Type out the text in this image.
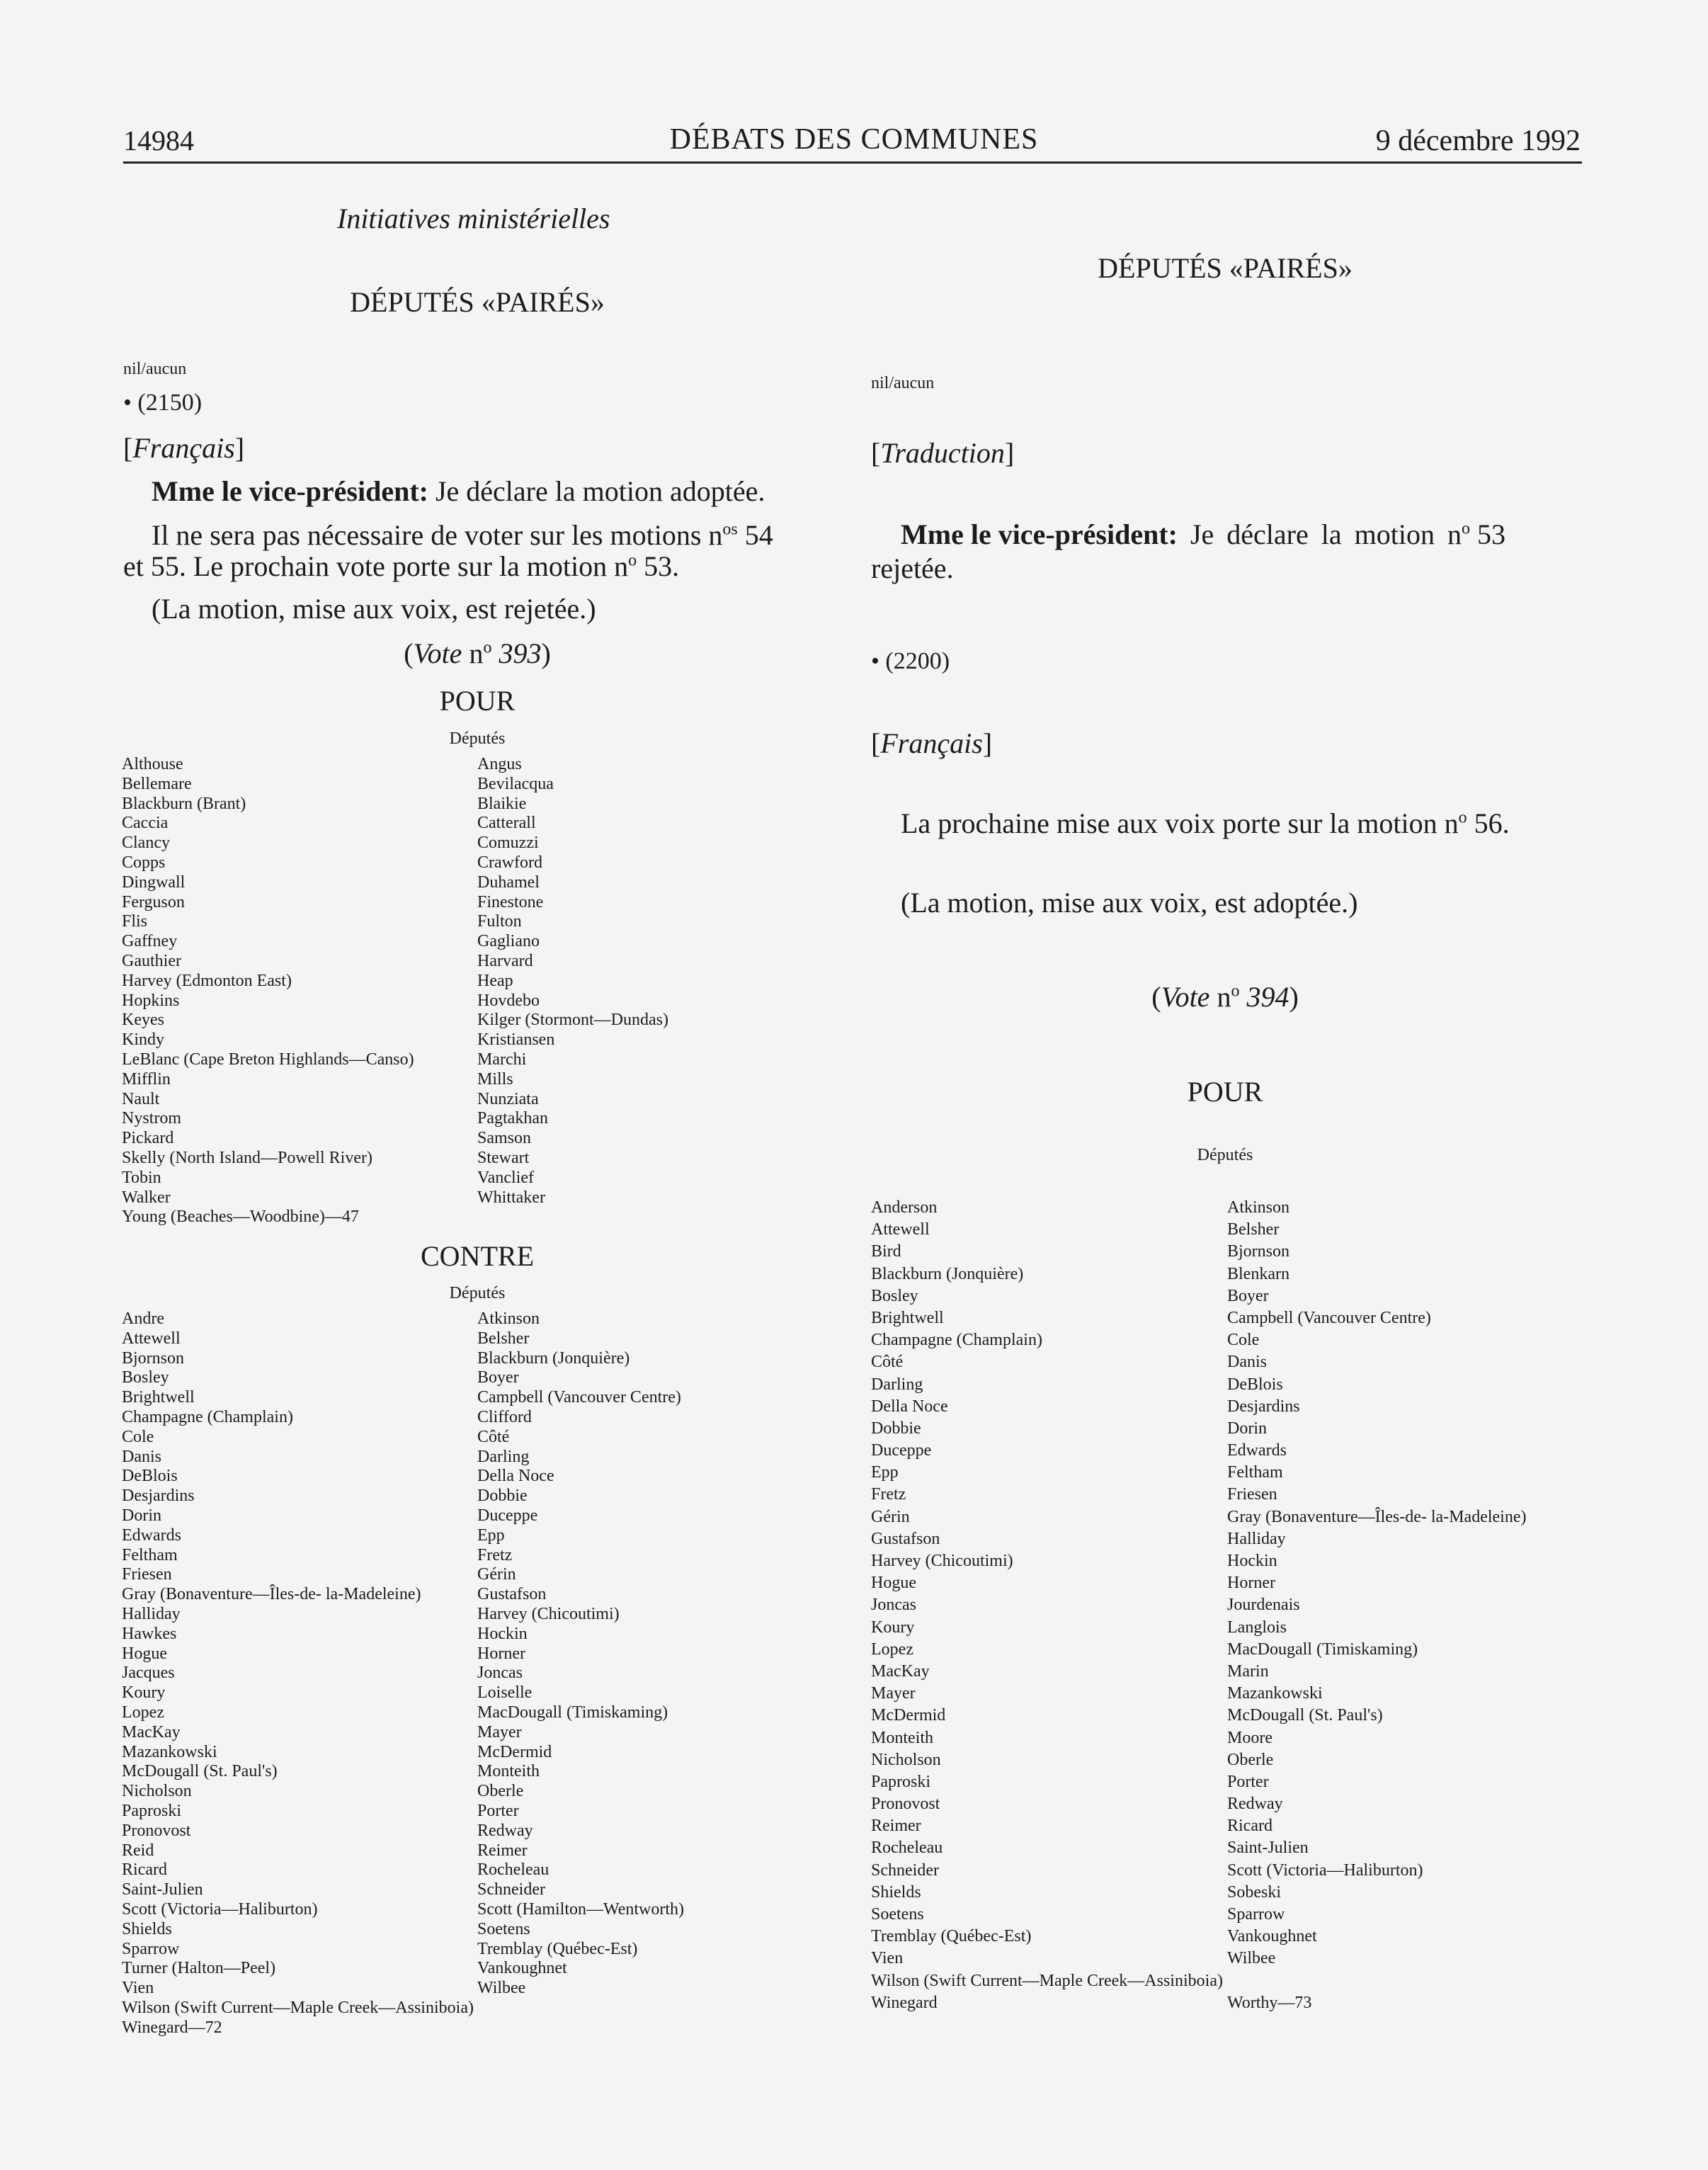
14984	DÉBATS DES COMMUNES	9 décembre 1992
Initiatives ministérielles
DÉPUTÉS «PAIRÉS»
nil/aucun
• (2150)
[Français]
Mme le vice-président: Je déclare la motion adoptée.
Il ne sera pas nécessaire de voter sur les motions $n^{os}$ 54
et 55. Le prochain vote porte sur la motion $n^o$ 53.
(La motion, mise aux voix, est rejetée.)
(Vote $n^o$ 393)
POUR
Députés
Althouse
Bellemare
Blackburn (Brant)
Caccia
Clancy
Copps
Dingwall
Ferguson
Flis
Gaffney
Gauthier
Harvey (Edmonton East)
Hopkins
Keyes
Kindy
LeBlanc (Cape Breton Highlands—Canso)
Mifflin
Nault
Nystrom
Pickard
Skelly (North Island—Powell River)
Tobin
Walker
Young (Beaches—Woodbine)—47
Angus
Bevilacqua
Blaikie
Catterall
Comuzzi
Crawford
Duhamel
Finestone
Fulton
Gagliano
Harvard
Heap
Hovdebo
Kilger (Stormont—Dundas)
Kristiansen
Marchi
Mills
Nunziata
Pagtakhan
Samson
Stewart
Vanclief
Whittaker
CONTRE
Députés
Andre
Attewell
Bjornson
Bosley
Brightwell
Champagne (Champlain)
Cole
Danis
DeBlois
Desjardins
Dorin
Edwards
Feltham
Friesen
Gray (Bonaventure—Îles-de- la-Madeleine)
Halliday
Hawkes
Hogue
Jacques
Koury
Lopez
MacKay
Mazankowski
McDougall (St. Paul's)
Nicholson
Paproski
Pronovost
Reid
Ricard
Saint-Julien
Scott (Victoria—Haliburton)
Shields
Sparrow
Turner (Halton—Peel)
Vien
Wilson (Swift Current—Maple Creek—Assiniboia)
Winegard—72
Atkinson
Belsher
Blackburn (Jonquière)
Boyer
Campbell (Vancouver Centre)
Clifford
Côté
Darling
Della Noce
Dobbie
Duceppe
Epp
Fretz
Gérin
Gustafson
Harvey (Chicoutimi)
Hockin
Horner
Joncas
Loiselle
MacDougall (Timiskaming)
Mayer
McDermid
Monteith
Oberle
Porter
Redway
Reimer
Rocheleau
Schneider
Scott (Hamilton—Wentworth)
Soetens
Tremblay (Québec-Est)
Vankoughnet
Wilbee
DÉPUTÉS «PAIRÉS»
nil/aucun
[Traduction]
Mme le vice-président: Je déclare la motion $n^o$ 53
rejetée.
• (2200)
[Français]
La prochaine mise aux voix porte sur la motion $n^o$ 56.
(La motion, mise aux voix, est adoptée.)
(Vote $n^o$ 394)
POUR
Députés
Anderson
Attewell
Bird
Blackburn (Jonquière)
Bosley
Brightwell
Champagne (Champlain)
Côté
Darling
Della Noce
Dobbie
Duceppe
Epp
Fretz
Gérin
Gustafson
Harvey (Chicoutimi)
Hogue
Joncas
Koury
Lopez
MacKay
Mayer
McDermid
Monteith
Nicholson
Paproski
Pronovost
Reimer
Rocheleau
Schneider
Shields
Soetens
Tremblay (Québec-Est)
Vien
Wilson (Swift Current—Maple Creek—Assiniboia)
Winegard
Atkinson
Belsher
Bjornson
Blenkarn
Boyer
Campbell (Vancouver Centre)
Cole
Danis
DeBlois
Desjardins
Dorin
Edwards
Feltham
Friesen
Gray (Bonaventure—Îles-de- la-Madeleine)
Halliday
Hockin
Horner
Jourdenais
Langlois
MacDougall (Timiskaming)
Marin
Mazankowski
McDougall (St. Paul's)
Moore
Oberle
Porter
Redway
Ricard
Saint-Julien
Scott (Victoria—Haliburton)
Sobeski
Sparrow
Vankoughnet
Wilbee
Worthy—73
